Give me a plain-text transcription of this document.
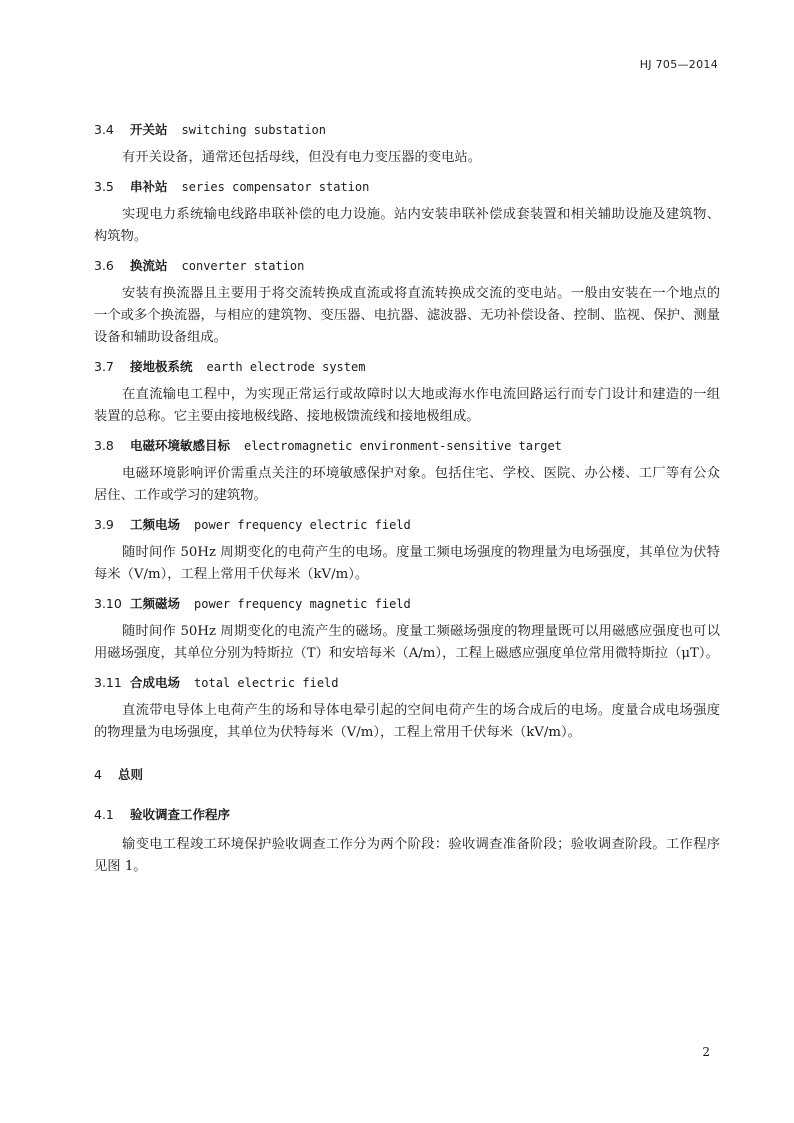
HJ 705—2014
3.4 开关站 switching substation

有开关设备，通常还包括母线，但没有电力变压器的变电站。

3.5 串补站 series compensator station

实现电力系统输电线路串联补偿的电力设施。站内安装串联补偿成套装置和相关辅助设施及建筑物、构筑物。

3.6 换流站 converter station

安装有换流器且主要用于将交流转换成直流或将直流转换成交流的变电站。一般由安装在一个地点的一个或多个换流器，与相应的建筑物、变压器、电抗器、滤波器、无功补偿设备、控制、监视、保护、测量设备和辅助设备组成。

3.7 接地极系统 earth electrode system

在直流输电工程中，为实现正常运行或故障时以大地或海水作电流回路运行而专门设计和建造的一组装置的总称。它主要由接地极线路、接地极馈流线和接地极组成。

3.8 电磁环境敏感目标 electromagnetic environment-sensitive target

电磁环境影响评价需重点关注的环境敏感保护对象。包括住宅、学校、医院、办公楼、工厂等有公众居住、工作或学习的建筑物。

3.9 工频电场 power frequency electric field

随时间作 50Hz 周期变化的电荷产生的电场。度量工频电场强度的物理量为电场强度，其单位为伏特每米（V/m），工程上常用千伏每米（kV/m）。

3.10 工频磁场 power frequency magnetic field

随时间作 50Hz 周期变化的电流产生的磁场。度量工频磁场强度的物理量既可以用磁感应强度也可以用磁场强度，其单位分别为特斯拉（T）和安培每米（A/m），工程上磁感应强度单位常用微特斯拉（μT）。

3.11 合成电场 total electric field

直流带电导体上电荷产生的场和导体电晕引起的空间电荷产生的场合成后的电场。度量合成电场强度的物理量为电场强度，其单位为伏特每米（V/m），工程上常用千伏每米（kV/m）。

4 总则
4.1 验收调查工作程序

输变电工程竣工环境保护验收调查工作分为两个阶段：验收调查准备阶段；验收调查阶段。工作程序见图 1。

2
